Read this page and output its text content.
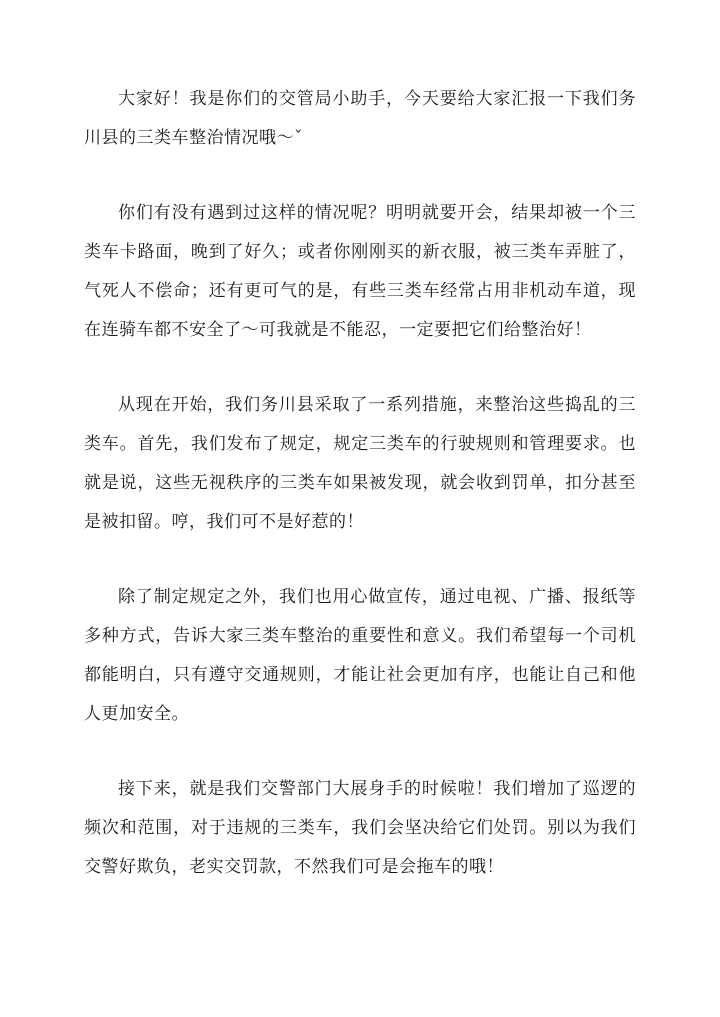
大家好！我是你们的交管局小助手，今天要给大家汇报一下我们务川县的三类车整治情况哦～ˇ

你们有没有遇到过这样的情况呢？明明就要开会，结果却被一个三类车卡路面，晚到了好久；或者你刚刚买的新衣服，被三类车弄脏了，气死人不偿命；还有更可气的是，有些三类车经常占用非机动车道，现在连骑车都不安全了～可我就是不能忍，一定要把它们给整治好！

从现在开始，我们务川县采取了一系列措施，来整治这些捣乱的三类车。首先，我们发布了规定，规定三类车的行驶规则和管理要求。也就是说，这些无视秩序的三类车如果被发现，就会收到罚单，扣分甚至是被扣留。哼，我们可不是好惹的！

除了制定规定之外，我们也用心做宣传，通过电视、广播、报纸等多种方式，告诉大家三类车整治的重要性和意义。我们希望每一个司机都能明白，只有遵守交通规则，才能让社会更加有序，也能让自己和他人更加安全。

接下来，就是我们交警部门大展身手的时候啦！我们增加了巡逻的频次和范围，对于违规的三类车，我们会坚决给它们处罚。别以为我们交警好欺负，老实交罚款，不然我们可是会拖车的哦！
